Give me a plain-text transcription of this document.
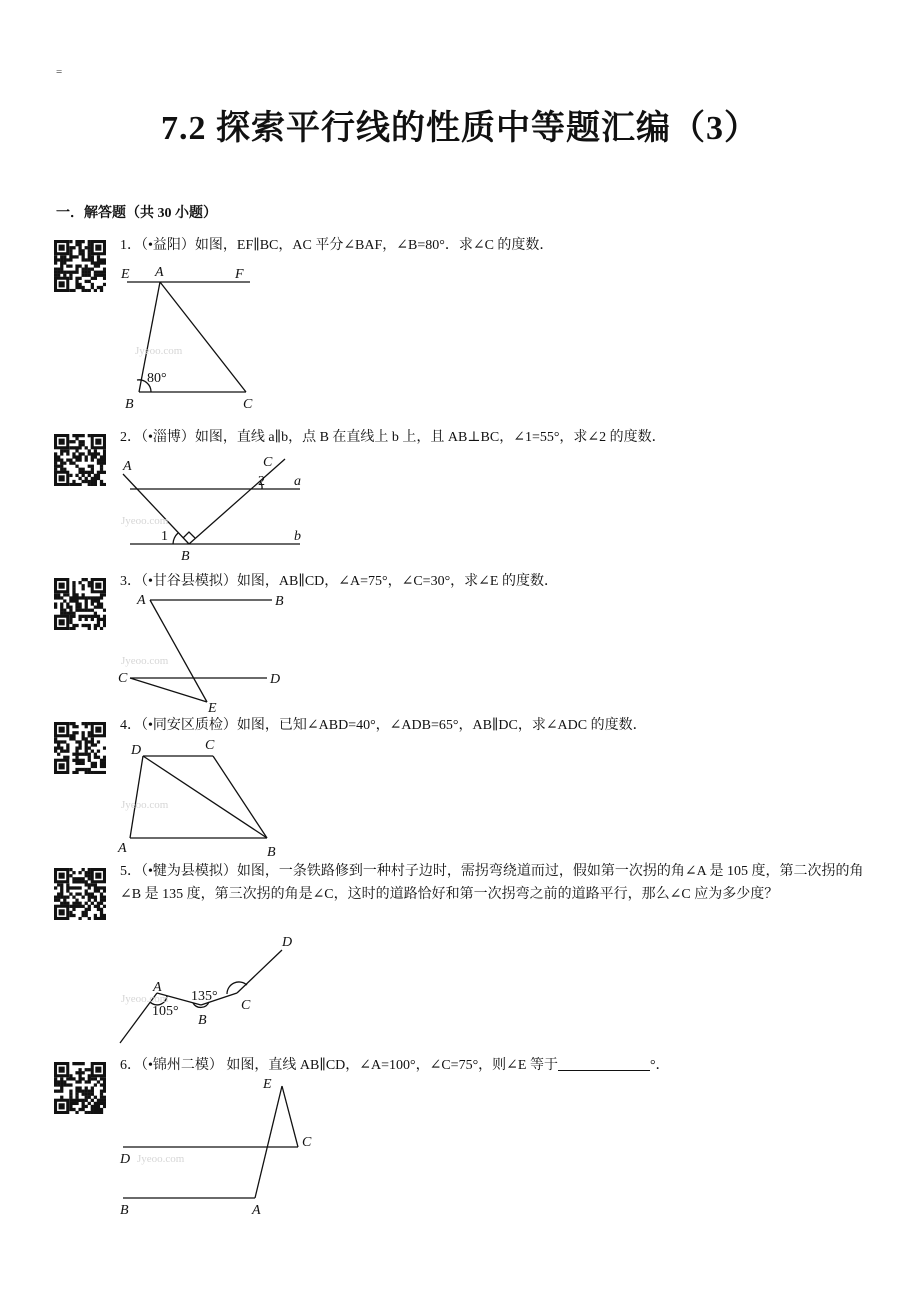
=
7.2 探索平行线的性质中等题汇编（3）
一．解答题（共 30 小题）
1．（•益阳）如图，EF∥BC，AC 平分∠BAF，∠B=80°．求∠C 的度数．
E A	F
B	C
80°
Jyeoo.com
2．（•淄博）如图，直线 a∥b，点 B 在直线上 b 上，且 AB⊥BC，∠1=55°，求∠2 的度数．
A	C
a
b
B
1
2
Jyeoo.com
3．（•甘谷县模拟）如图，AB∥CD，∠A=75°，∠C=30°，求∠E 的度数．
A	B
C	D
E
Jyeoo.com
4．（•同安区质检）如图，已知∠ABD=40°，∠ADB=65°，AB∥DC，求∠ADC 的度数．
D	C
A	B
Jyeoo.com
5．（•犍为县模拟）如图，一条铁路修到一种村子边时，需拐弯绕道而过，假如第一次拐的角∠A 是 105 度，第二次拐的角∠B 是 135 度，第三次拐的角是∠C，这时的道路恰好和第一次拐弯之前的道路平行，那么∠C 应为多少度？
A
B
C
D
105°
135°
Jyeoo.com
6．（•锦州二模） 如图，直线 AB∥CD，∠A=100°，∠C=75°，则∠E 等于	°．
E
C
D
B	A
Jyeoo.com
